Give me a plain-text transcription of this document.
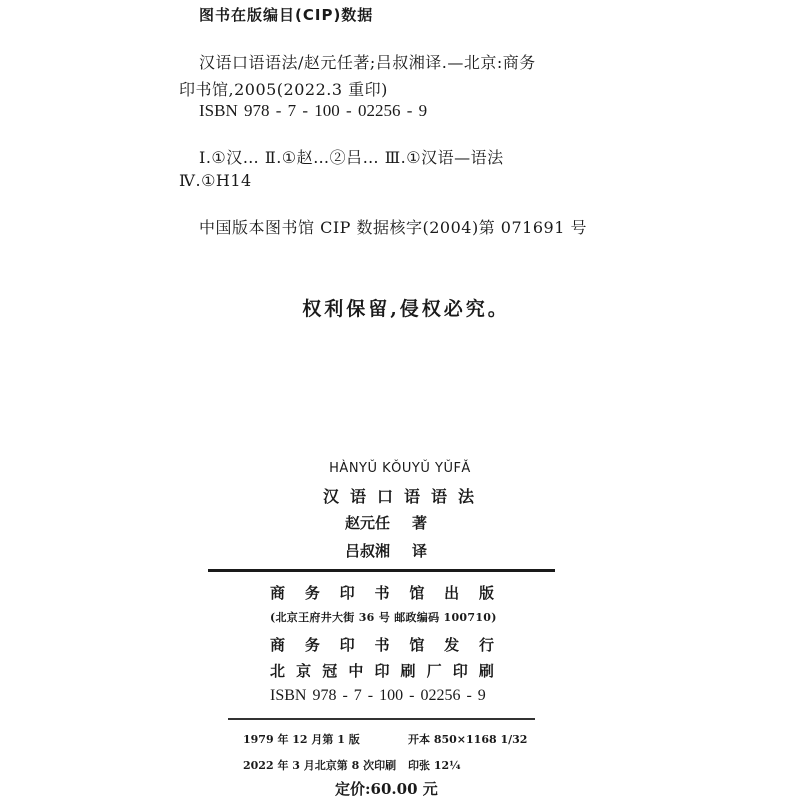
图书在版编目(CIP)数据
汉语口语语法/赵元任著;吕叔湘译.—北京:商务
印书馆,2005(2022.3 重印)
ISBN 978 - 7 - 100 - 02256 - 9
Ⅰ.①汉… Ⅱ.①赵…②吕… Ⅲ.①汉语—语法
Ⅳ.①H14
中国版本图书馆 CIP 数据核字(2004)第 071691 号
权利保留,侵权必究。
HÀNYǓ KǑUYǓ YǓFǍ
汉语口语语法
赵元任 著
吕叔湘 译
商 务 印 书 馆 出 版
(北京王府井大街 36 号 邮政编码 100710)
商 务 印 书 馆 发 行
北 京 冠 中 印 刷 厂 印 刷
ISBN 978 - 7 - 100 - 02256 - 9
1979 年 12 月第 1 版
2022 年 3 月北京第 8 次印刷
开本 850×1168 1/32
印张 12¼
定价:60.00 元
